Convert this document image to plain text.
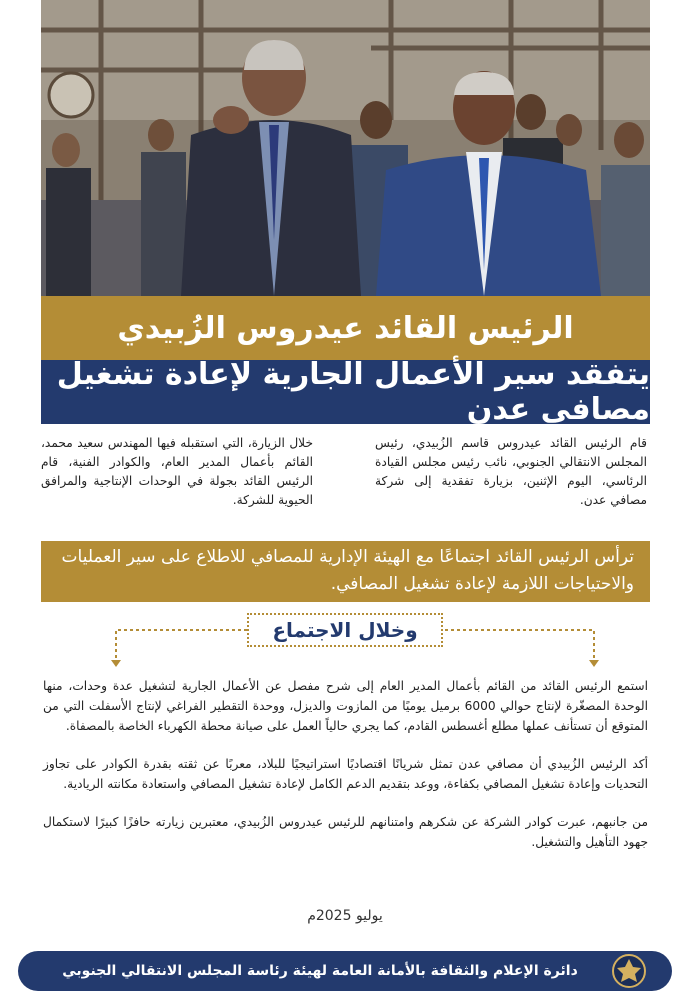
الرئيس القائد عيدروس الزُبيدي
يتفقد سير الأعمال الجارية لإعادة تشغيل مصافي عدن
قام الرئيس القائد عيدروس قاسم الزُبيدي، رئيس المجلس الانتقالي الجنوبي، نائب رئيس مجلس القيادة الرئاسي، اليوم الإثنين، بزيارة تفقدية إلى شركة مصافي عدن.
خلال الزيارة، التي استقبله فيها المهندس سعيد محمد، القائم بأعمال المدير العام، والكوادر الفنية، قام الرئيس القائد بجولة في الوحدات الإنتاجية والمرافق الحيوية للشركة.
ترأس الرئيس القائد اجتماعًا مع الهيئة الإدارية للمصافي للاطلاع على سير العمليات والاحتياجات اللازمة لإعادة تشغيل المصافي.
وخلال الاجتماع

استمع الرئيس القائد من القائم بأعمال المدير العام إلى شرح مفصل عن الأعمال الجارية لتشغيل عدة وحدات، منها الوحدة المصغّرة لإنتاج حوالي 6000 برميل يوميًا من المازوت والديزل، ووحدة التقطير الفراغي لإنتاج الأسفلت التي من المتوقع أن تستأنف عملها مطلع أغسطس القادم، كما يجري حالياً العمل على صيانة محطة الكهرباء الخاصة بالمصفاة.

أكد الرئيس الزُبيدي أن مصافي عدن تمثل شريانًا اقتصاديًا استراتيجيًا للبلاد، معربًا عن ثقته بقدرة الكوادر على تجاوز التحديات وإعادة تشغيل المصافي بكفاءة، ووعد بتقديم الدعم الكامل لإعادة تشغيل المصافي واستعادة مكانته الريادية.

من جانبهم، عبرت كوادر الشركة عن شكرهم وامتنانهم للرئيس عيدروس الزُبيدي، معتبرين زيارته حافزًا كبيرًا لاستكمال جهود التأهيل والتشغيل.

يوليو 2025م
دائرة الإعلام والثقافة بالأمانة العامة لهيئة رئاسة المجلس الانتقالي الجنوبي
